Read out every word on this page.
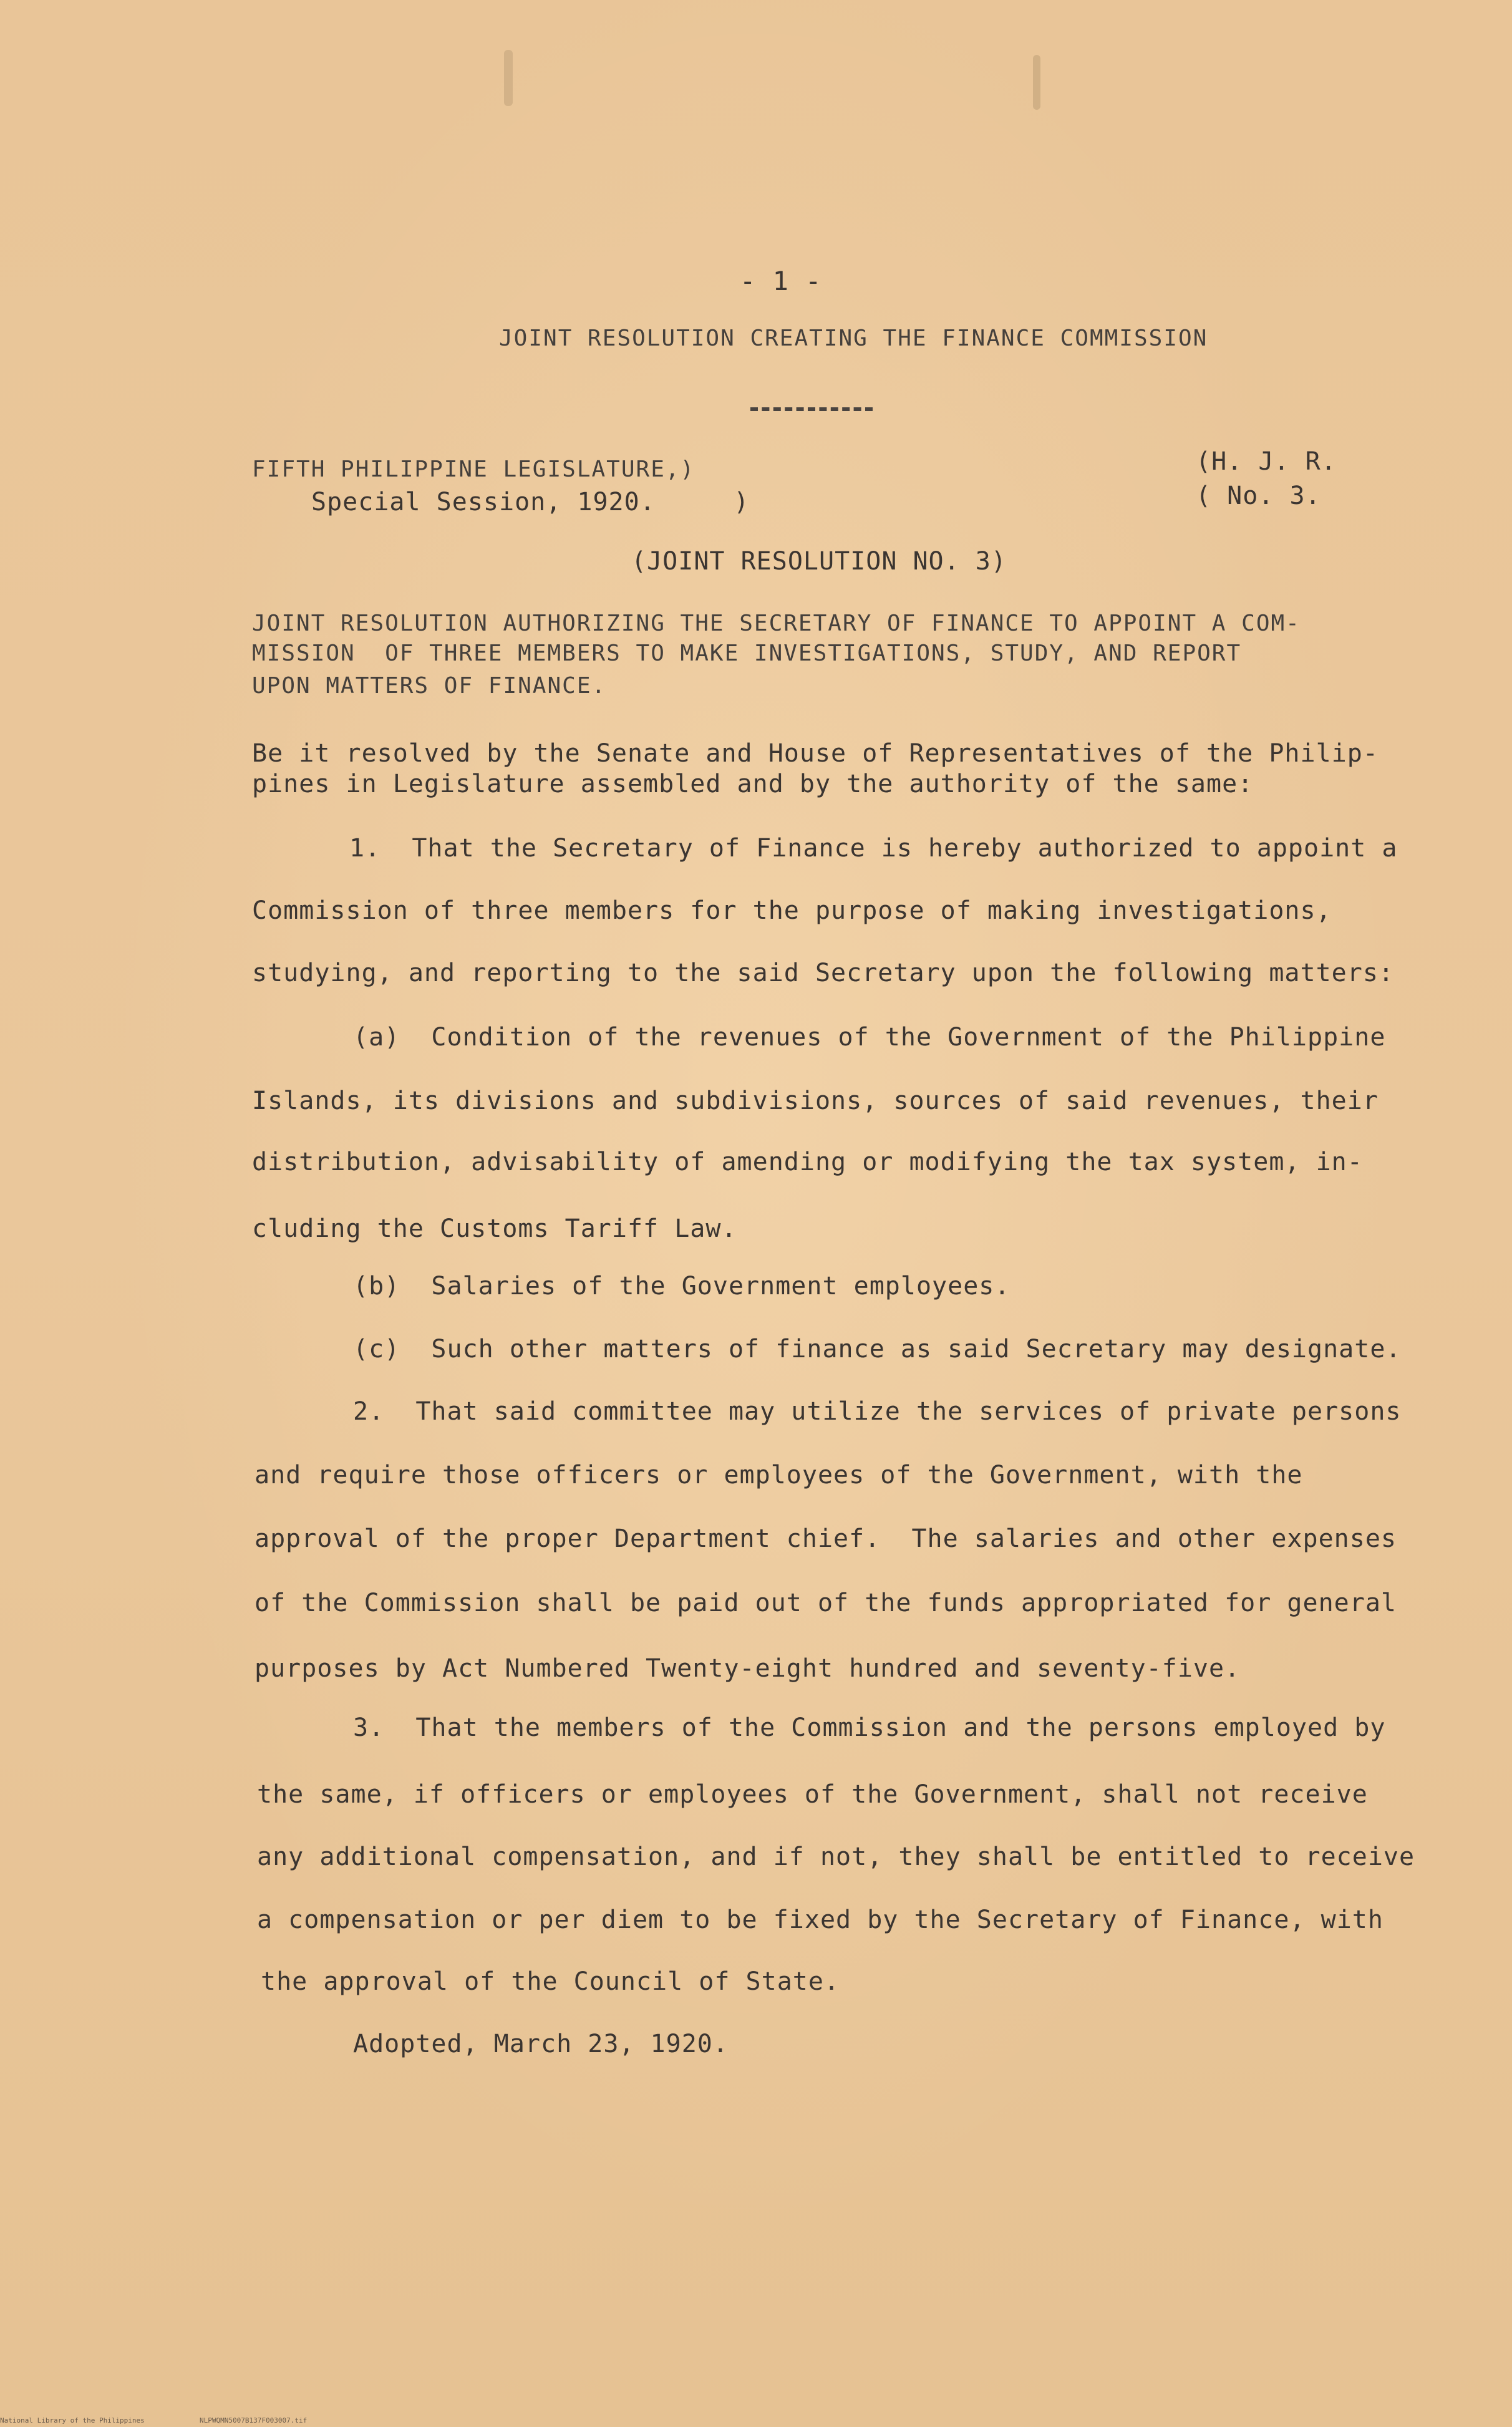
- 1 -
JOINT RESOLUTION CREATING THE FINANCE COMMISSION
FIFTH PHILIPPINE LEGISLATURE,)
Special Session, 1920.     )
(H. J. R.
( No. 3.
(JOINT RESOLUTION NO. 3)
JOINT RESOLUTION AUTHORIZING THE SECRETARY OF FINANCE TO APPOINT A COM-
MISSION  OF THREE MEMBERS TO MAKE INVESTIGATIONS, STUDY, AND REPORT
UPON MATTERS OF FINANCE.
Be it resolved by the Senate and House of Representatives of the Philip-
pines in Legislature assembled and by the authority of the same:
1.  That the Secretary of Finance is hereby authorized to appoint a
Commission of three members for the purpose of making investigations,
studying, and reporting to the said Secretary upon the following matters:
(a)  Condition of the revenues of the Government of the Philippine
Islands, its divisions and subdivisions, sources of said revenues, their
distribution, advisability of amending or modifying the tax system, in-
cluding the Customs Tariff Law.
(b)  Salaries of the Government employees.
(c)  Such other matters of finance as said Secretary may designate.
2.  That said committee may utilize the services of private persons
and require those officers or employees of the Government, with the
approval of the proper Department chief.  The salaries and other expenses
of the Commission shall be paid out of the funds appropriated for general
purposes by Act Numbered Twenty-eight hundred and seventy-five.
3.  That the members of the Commission and the persons employed by
the same, if officers or employees of the Government, shall not receive
any additional compensation, and if not, they shall be entitled to receive
a compensation or per diem to be fixed by the Secretary of Finance, with
the approval of the Council of State.
Adopted, March 23, 1920.
National Library of the Philippines	NLPWQMN5007B137F003007.tif
